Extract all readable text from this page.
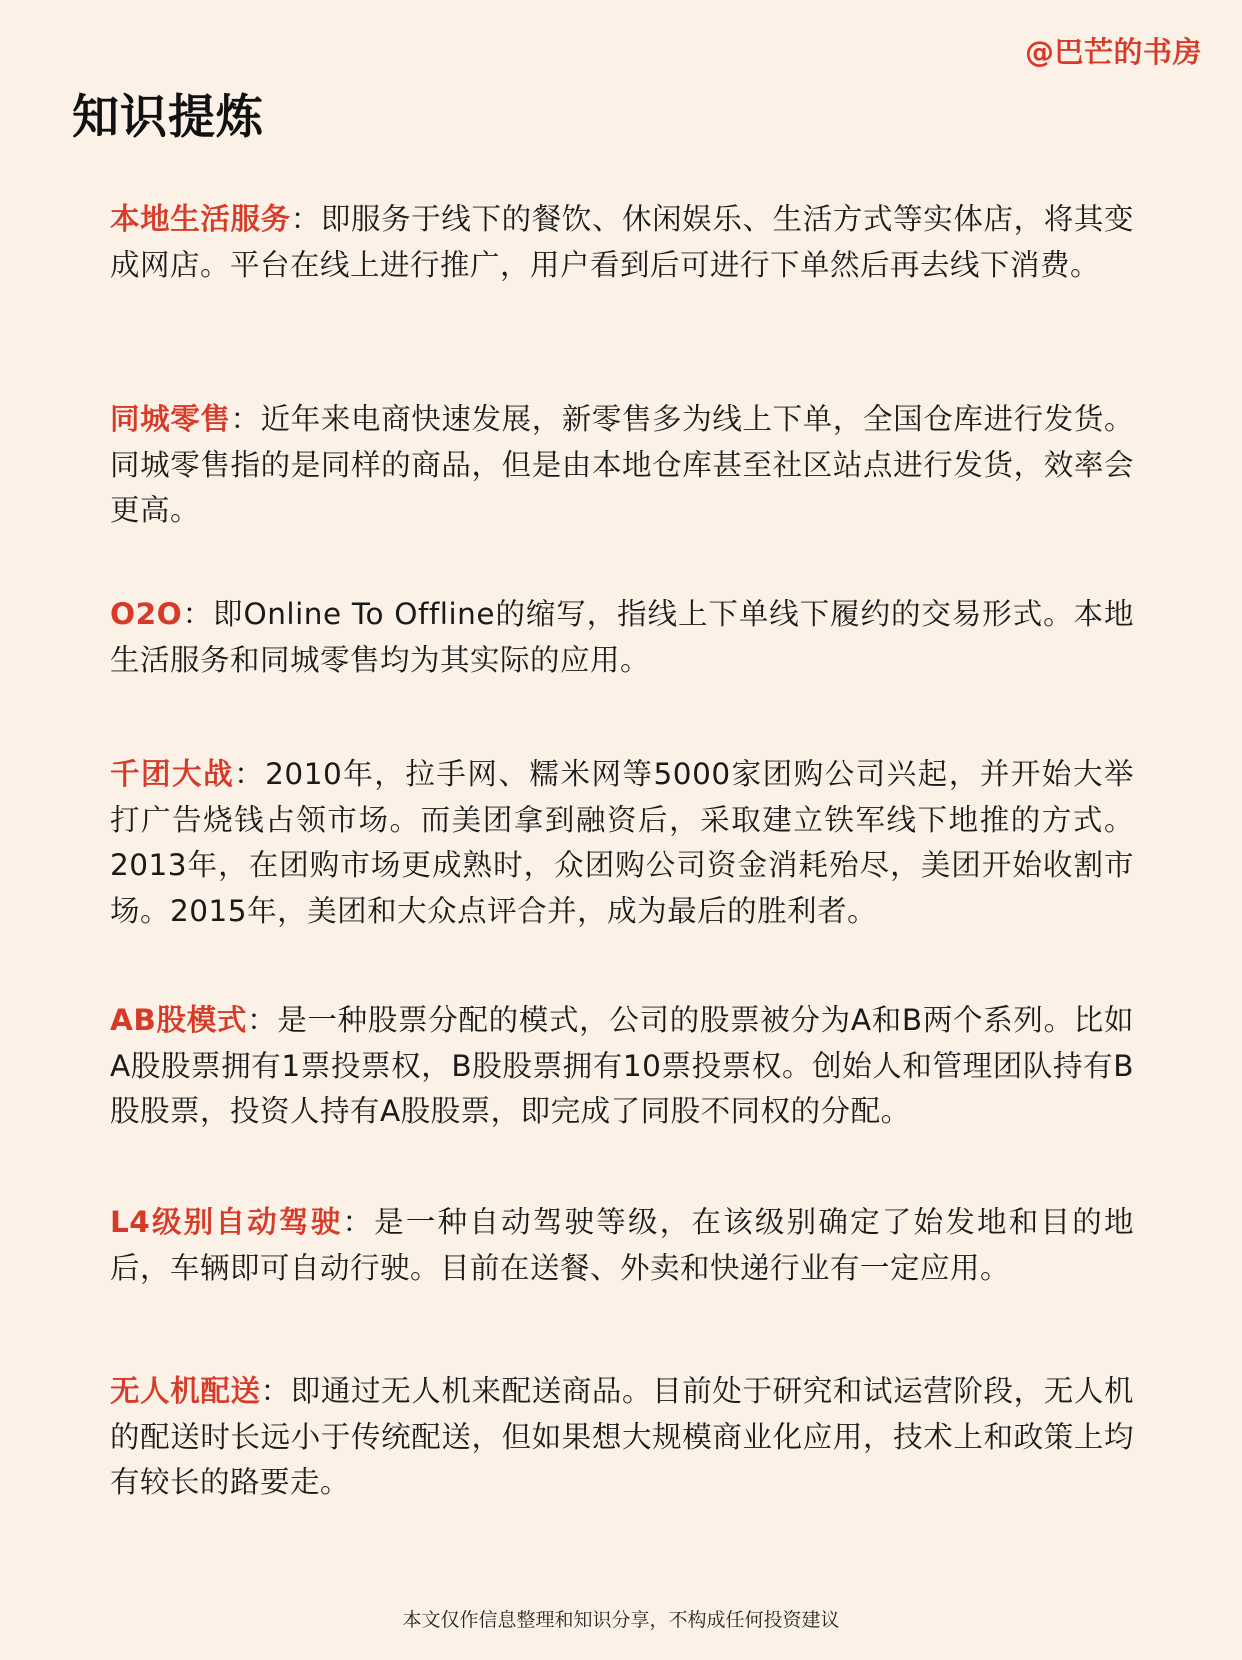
@巴芒的书房
知识提炼

本地生活服务：即服务于线下的餐饮、休闲娱乐、生活方式等实体店，将其变成网店。平台在线上进行推广，用户看到后可进行下单然后再去线下消费。

同城零售：近年来电商快速发展，新零售多为线上下单，全国仓库进行发货。同城零售指的是同样的商品，但是由本地仓库甚至社区站点进行发货，效率会更高。

O2O：即Online To Offline的缩写，指线上下单线下履约的交易形式。本地生活服务和同城零售均为其实际的应用。

千团大战：2010年，拉手网、糯米网等5000家团购公司兴起，并开始大举打广告烧钱占领市场。而美团拿到融资后，采取建立铁军线下地推的方式。2013年，在团购市场更成熟时，众团购公司资金消耗殆尽，美团开始收割市场。2015年，美团和大众点评合并，成为最后的胜利者。

AB股模式：是一种股票分配的模式，公司的股票被分为A和B两个系列。比如A股股票拥有1票投票权，B股股票拥有10票投票权。创始人和管理团队持有B股股票，投资人持有A股股票，即完成了同股不同权的分配。

L4级别自动驾驶：是一种自动驾驶等级，在该级别确定了始发地和目的地后，车辆即可自动行驶。目前在送餐、外卖和快递行业有一定应用。

无人机配送：即通过无人机来配送商品。目前处于研究和试运营阶段，无人机的配送时长远小于传统配送，但如果想大规模商业化应用，技术上和政策上均有较长的路要走。

本文仅作信息整理和知识分享，不构成任何投资建议
